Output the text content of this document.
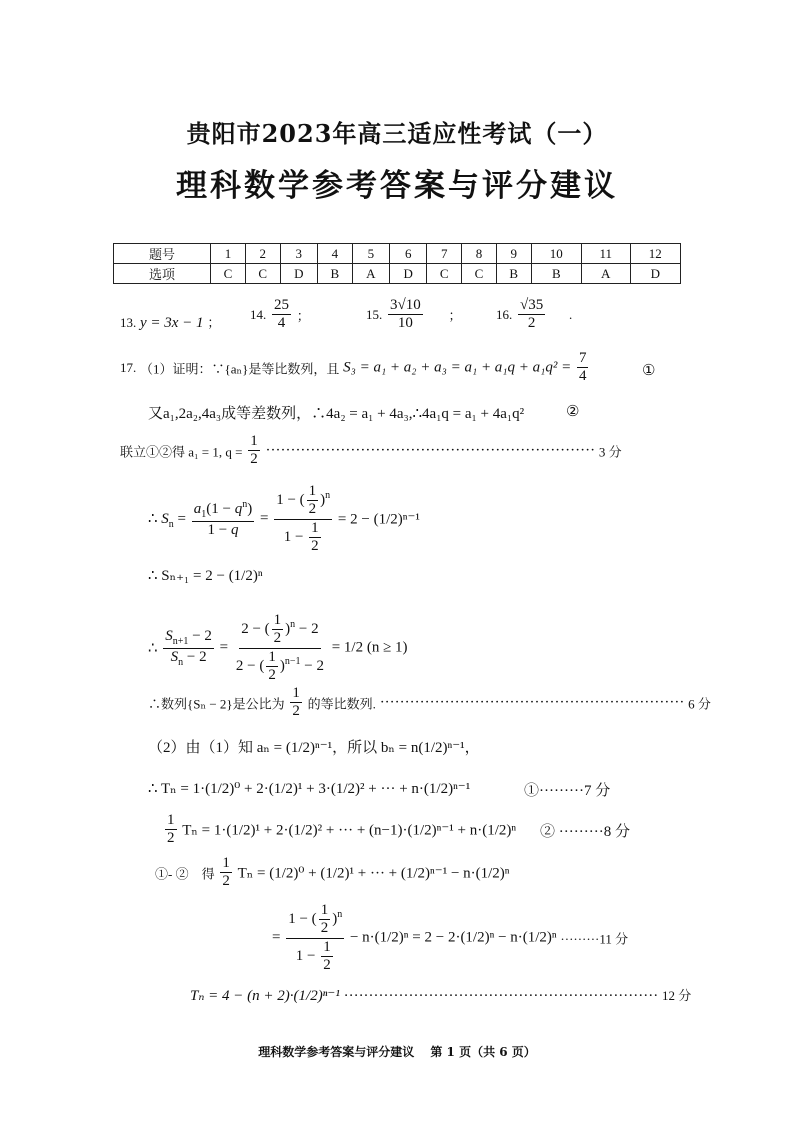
贵阳市2023年高三适应性考试（一）
理科数学参考答案与评分建议
题号	1	2	3	4	5	6	7	8	9	10	11	12
选项	C	C	D	B	A	D	C	C	B	B	A	D
13. y = 3x − 1 ；
14. $\frac{25}{4}$ ；	15. $\frac{3√10}{10}$ ；	16. $\frac{√35}{2}$ .
17. （1）证明：∵{aₙ}是等比数列，且 $S_3 = a_1 + a_2 + a_3 = a_1 + a_1q + a_1q^2 = \frac{7}{4}$	①
又a₁,2a₂,4a₃成等差数列，∴4a₂ = a₁ + 4a₃,∴4a₁q = a₁ + 4a₁q²	②
联立①②得 a₁ = 1, $q = \frac{1}{2}$ ·································································· 3 分
∴ $S_n = \frac{a_1(1 - q^n)}{1 - q} = \frac{1 - ( \frac{1}{2} )^n}{1 - \frac{1}{2}} = 2 - (1/2)^{n-1}$
∴ Sₙ₊₁ = 2 − (1/2)ⁿ
∴ $\frac{S_{n+1} - 2}{S_n - 2} = \frac{2 - ( \frac{1}{2} )^n - 2}{2 - ( \frac{1}{2} )^{n-1} - 2} = 1/2$ (n ≥ 1)
∴数列{Sₙ − 2}是公比为 $\frac{1}{2}$ 的等比数列. ····························································· 6 分
（2）由（1）知 aₙ = (1/2)ⁿ⁻¹，所以 bₙ = n(1/2)ⁿ⁻¹，
∴ Tₙ = 1·(1/2)⁰ + 2·(1/2)¹ + 3·(1/2)² + ··· + n·(1/2)ⁿ⁻¹	①·········7 分
$\frac{1}{2}$ Tₙ = 1·(1/2)¹ + 2·(1/2)² + ··· + (n−1)·(1/2)ⁿ⁻¹ + n·(1/2)ⁿ ② ·········8 分
①- ②　得 $\frac{1}{2}$ Tₙ = (1/2)⁰ + (1/2)¹ + ··· + (1/2)ⁿ⁻¹ − n·(1/2)ⁿ
= $\frac{1 - ( \frac{1}{2} )^n}{1 - \frac{1}{2}} - n\cdot(1/2)^n = 2 - 2\cdot(1/2)^n - n\cdot(1/2)^n \cdot\cdot\cdot\cdot\cdot\cdot\cdot\cdot\cdot 11$ 分
Tₙ = 4 − (n + 2)·(1/2)ⁿ⁻¹ ······························································· 12 分
理科数学参考答案与评分建议　 第 1 页（共 6 页）
